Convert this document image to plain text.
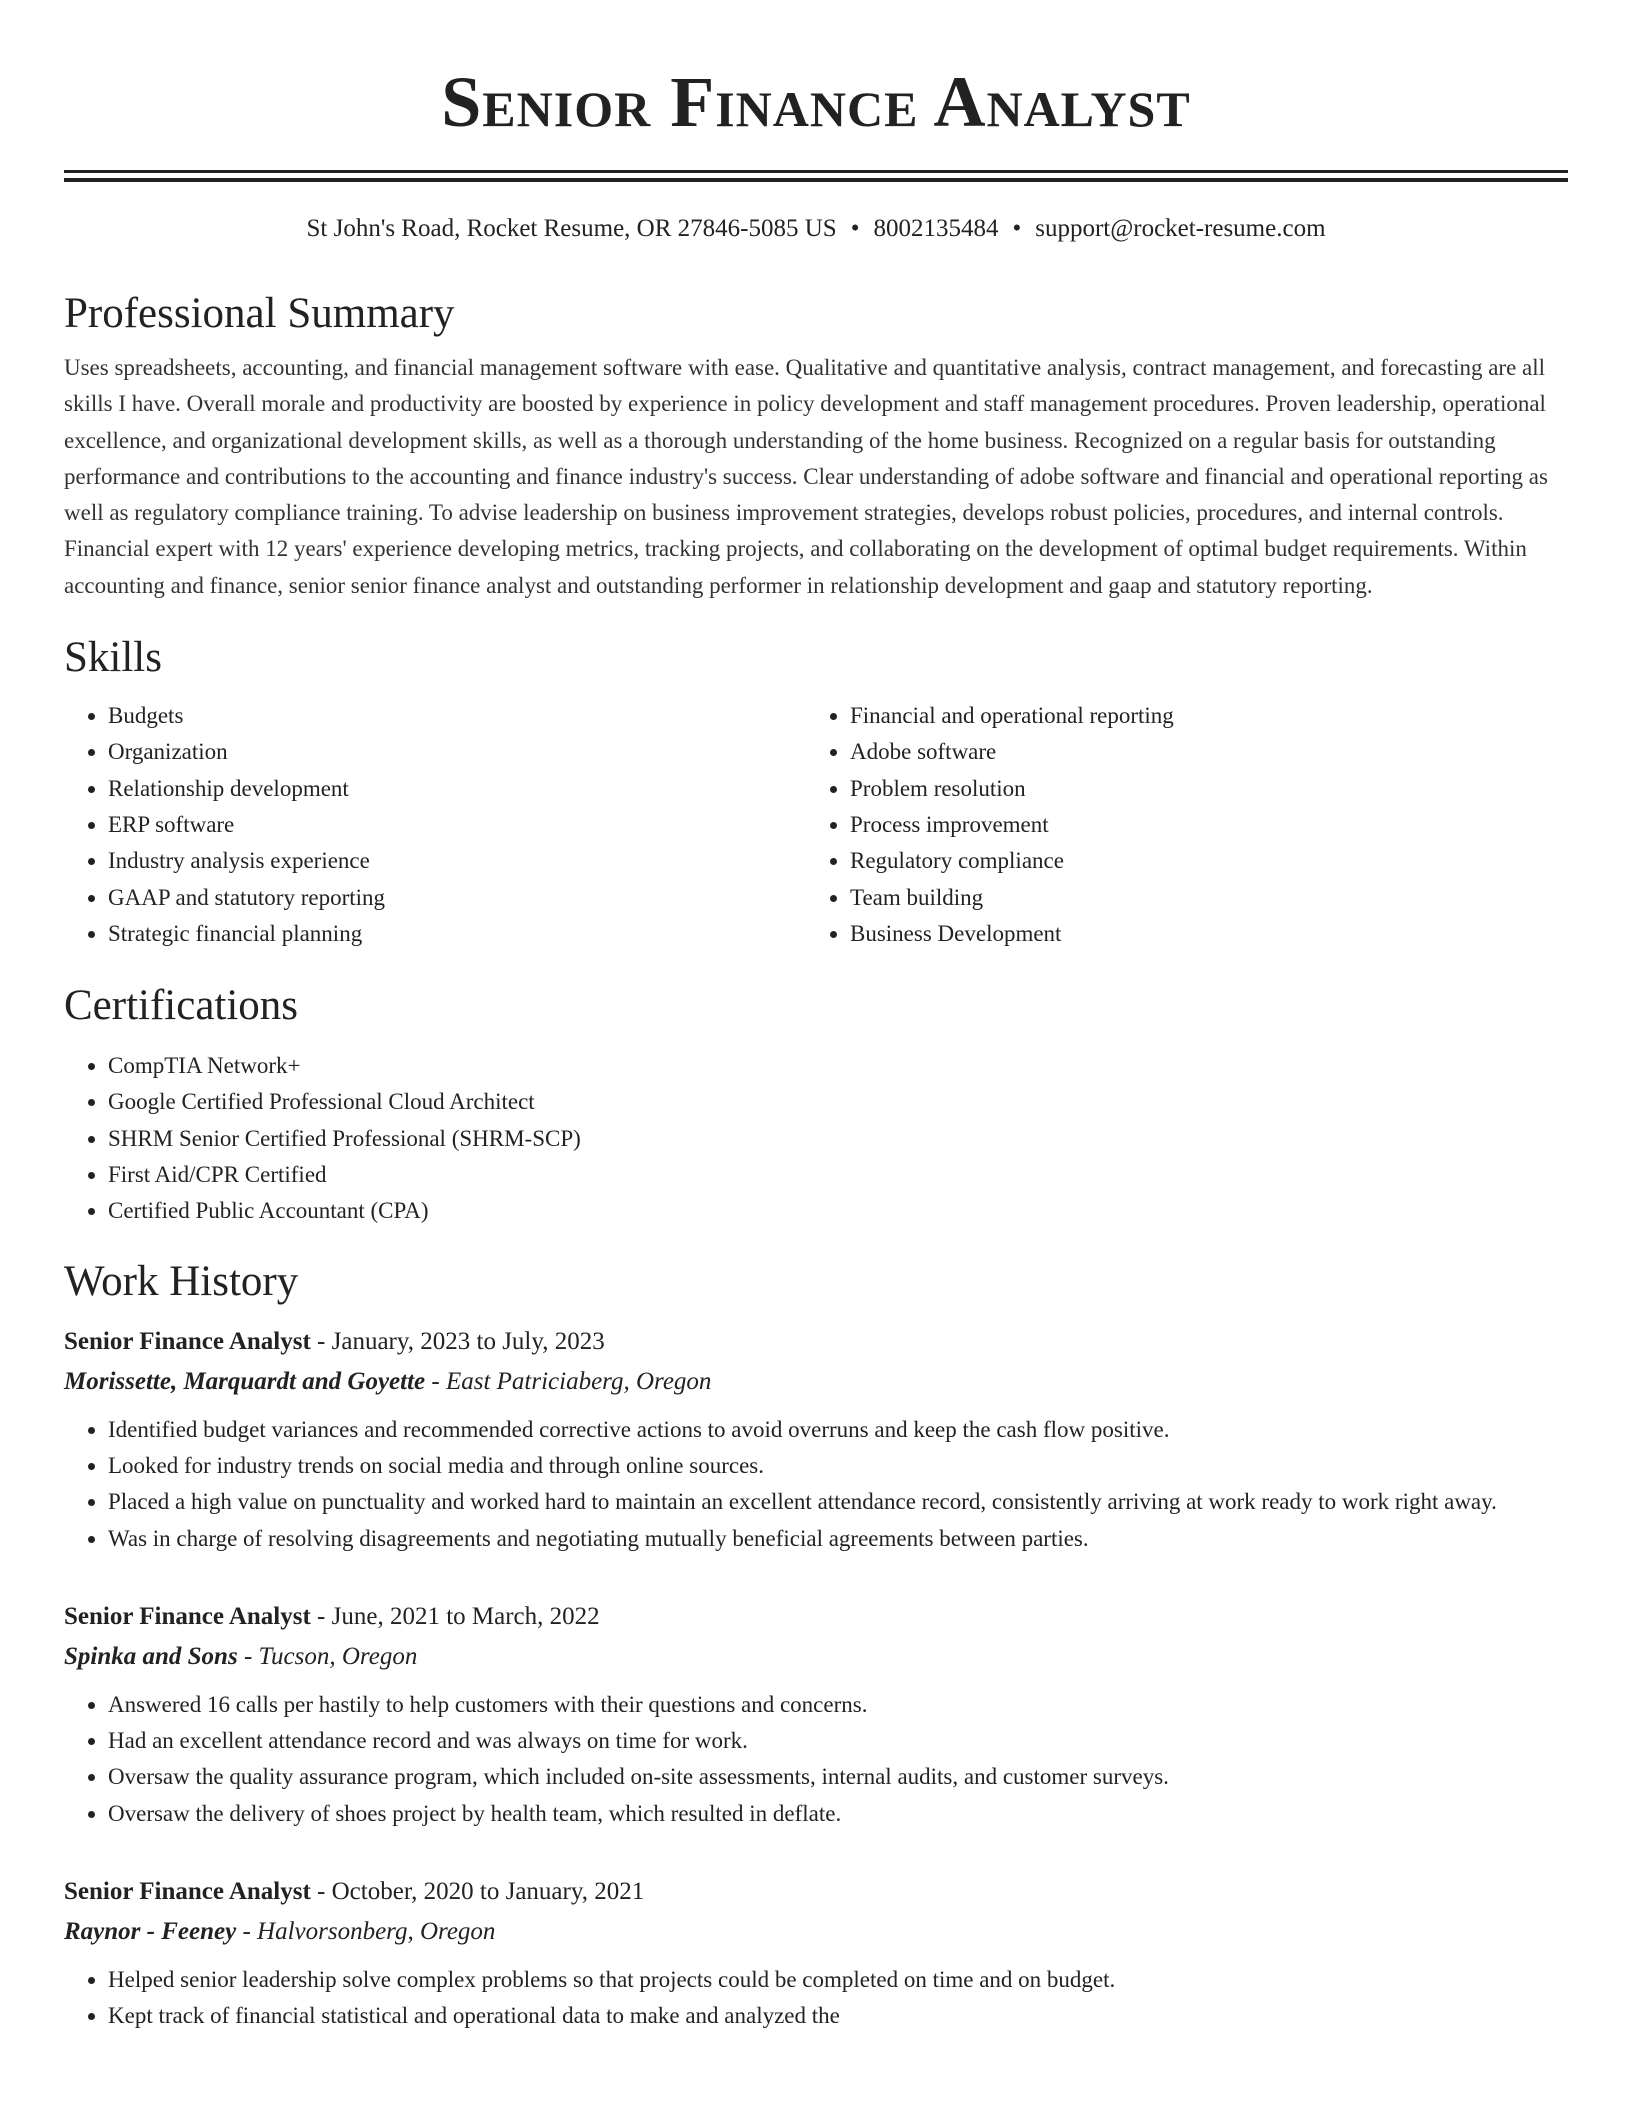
Senior Finance Analyst
St John's Road, Rocket Resume, OR 27846-5085 US • 8002135484 • support@rocket-resume.com
Professional Summary

Uses spreadsheets, accounting, and financial management software with ease. Qualitative and quantitative analysis, contract management, and forecasting are all skills I have. Overall morale and productivity are boosted by experience in policy development and staff management procedures. Proven leadership, operational excellence, and organizational development skills, as well as a thorough understanding of the home business. Recognized on a regular basis for outstanding performance and contributions to the accounting and finance industry's success. Clear understanding of adobe software and financial and operational reporting as well as regulatory compliance training. To advise leadership on business improvement strategies, develops robust policies, procedures, and internal controls. Financial expert with 12 years' experience developing metrics, tracking projects, and collaborating on the development of optimal budget requirements. Within accounting and finance, senior senior finance analyst and outstanding performer in relationship development and gaap and statutory reporting.

Skills
• Budgets
• Organization
• Relationship development
• ERP software
• Industry analysis experience
• GAAP and statutory reporting
• Strategic financial planning
• Financial and operational reporting
• Adobe software
• Problem resolution
• Process improvement
• Regulatory compliance
• Team building
• Business Development
Certifications
• CompTIA Network+
• Google Certified Professional Cloud Architect
• SHRM Senior Certified Professional (SHRM-SCP)
• First Aid/CPR Certified
• Certified Public Accountant (CPA)
Work History
Senior Finance Analyst - January, 2023 to July, 2023
Morissette, Marquardt and Goyette - East Patriciaberg, Oregon
• Identified budget variances and recommended corrective actions to avoid overruns and keep the cash flow positive.
• Looked for industry trends on social media and through online sources.
• Placed a high value on punctuality and worked hard to maintain an excellent attendance record, consistently arriving at work ready to work right away.
• Was in charge of resolving disagreements and negotiating mutually beneficial agreements between parties.
Senior Finance Analyst - June, 2021 to March, 2022
Spinka and Sons - Tucson, Oregon
• Answered 16 calls per hastily to help customers with their questions and concerns.
• Had an excellent attendance record and was always on time for work.
• Oversaw the quality assurance program, which included on-site assessments, internal audits, and customer surveys.
• Oversaw the delivery of shoes project by health team, which resulted in deflate.
Senior Finance Analyst - October, 2020 to January, 2021
Raynor - Feeney - Halvorsonberg, Oregon
• Helped senior leadership solve complex problems so that projects could be completed on time and on budget.
• Kept track of financial statistical and operational data to make and analyzed the
